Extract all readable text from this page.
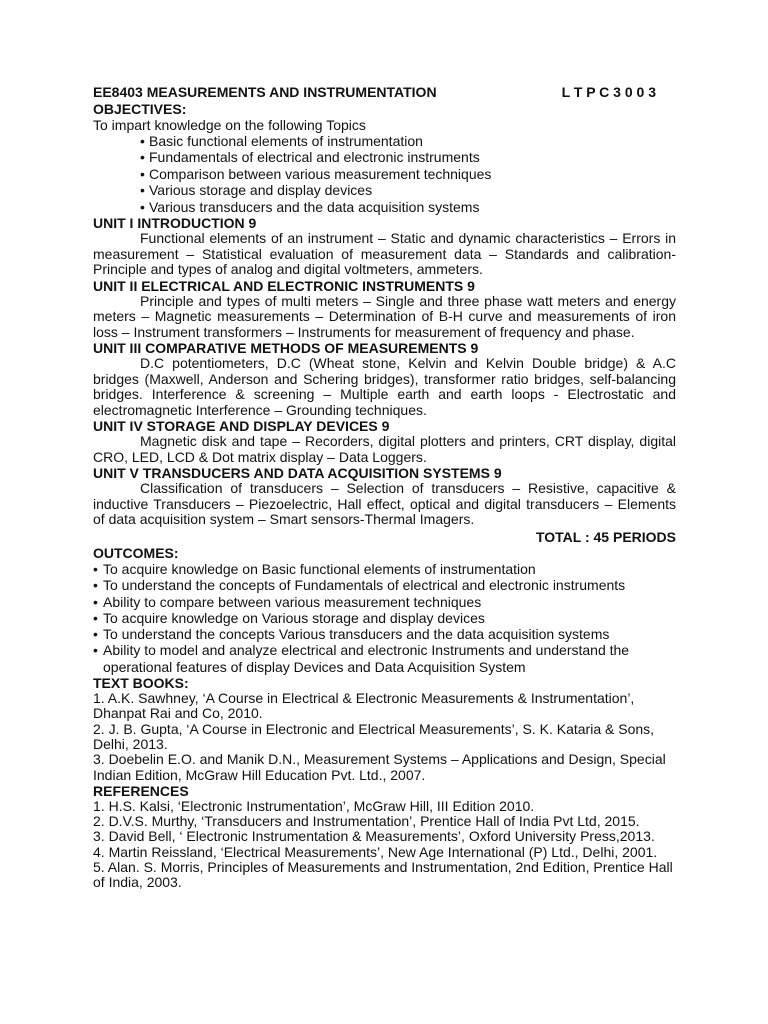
EE8403 MEASUREMENTS AND INSTRUMENTATION	L T P C 3 0 0 3
OBJECTIVES:
To impart knowledge on the following Topics
• Basic functional elements of instrumentation
• Fundamentals of electrical and electronic instruments
• Comparison between various measurement techniques
• Various storage and display devices
• Various transducers and the data acquisition systems
UNIT I INTRODUCTION 9
Functional elements of an instrument – Static and dynamic characteristics – Errors in measurement – Statistical evaluation of measurement data – Standards and calibration- Principle and types of analog and digital voltmeters, ammeters.
UNIT II ELECTRICAL AND ELECTRONIC INSTRUMENTS 9
Principle and types of multi meters – Single and three phase watt meters and energy meters – Magnetic measurements – Determination of B-H curve and measurements of iron loss – Instrument transformers – Instruments for measurement of frequency and phase.
UNIT III COMPARATIVE METHODS OF MEASUREMENTS 9
D.C potentiometers, D.C (Wheat stone, Kelvin and Kelvin Double bridge) & A.C bridges (Maxwell, Anderson and Schering bridges), transformer ratio bridges, self-balancing bridges. Interference & screening – Multiple earth and earth loops - Electrostatic and electromagnetic Interference – Grounding techniques.
UNIT IV STORAGE AND DISPLAY DEVICES 9
Magnetic disk and tape – Recorders, digital plotters and printers, CRT display, digital CRO, LED, LCD & Dot matrix display – Data Loggers.
UNIT V TRANSDUCERS AND DATA ACQUISITION SYSTEMS 9
Classification of transducers – Selection of transducers – Resistive, capacitive & inductive Transducers – Piezoelectric, Hall effect, optical and digital transducers – Elements of data acquisition system – Smart sensors-Thermal Imagers.
TOTAL : 45 PERIODS
OUTCOMES:
• To acquire knowledge on Basic functional elements of instrumentation
• To understand the concepts of Fundamentals of electrical and electronic instruments
• Ability to compare between various measurement techniques
• To acquire knowledge on Various storage and display devices
• To understand the concepts Various transducers and the data acquisition systems
• Ability to model and analyze electrical and electronic Instruments and understand the operational features of display Devices and Data Acquisition System
TEXT BOOKS:
1. A.K. Sawhney, ‘A Course in Electrical & Electronic Measurements & Instrumentation’, Dhanpat Rai and Co, 2010.
2. J. B. Gupta, ‘A Course in Electronic and Electrical Measurements’, S. K. Kataria & Sons, Delhi, 2013.
3. Doebelin E.O. and Manik D.N., Measurement Systems – Applications and Design, Special Indian Edition, McGraw Hill Education Pvt. Ltd., 2007.
REFERENCES
1. H.S. Kalsi, ‘Electronic Instrumentation’, McGraw Hill, III Edition 2010.
2. D.V.S. Murthy, ‘Transducers and Instrumentation’, Prentice Hall of India Pvt Ltd, 2015.
3. David Bell, ‘ Electronic Instrumentation & Measurements’, Oxford University Press,2013.
4. Martin Reissland, ‘Electrical Measurements’, New Age International (P) Ltd., Delhi, 2001.
5. Alan. S. Morris, Principles of Measurements and Instrumentation, 2nd Edition, Prentice Hall of India, 2003.
